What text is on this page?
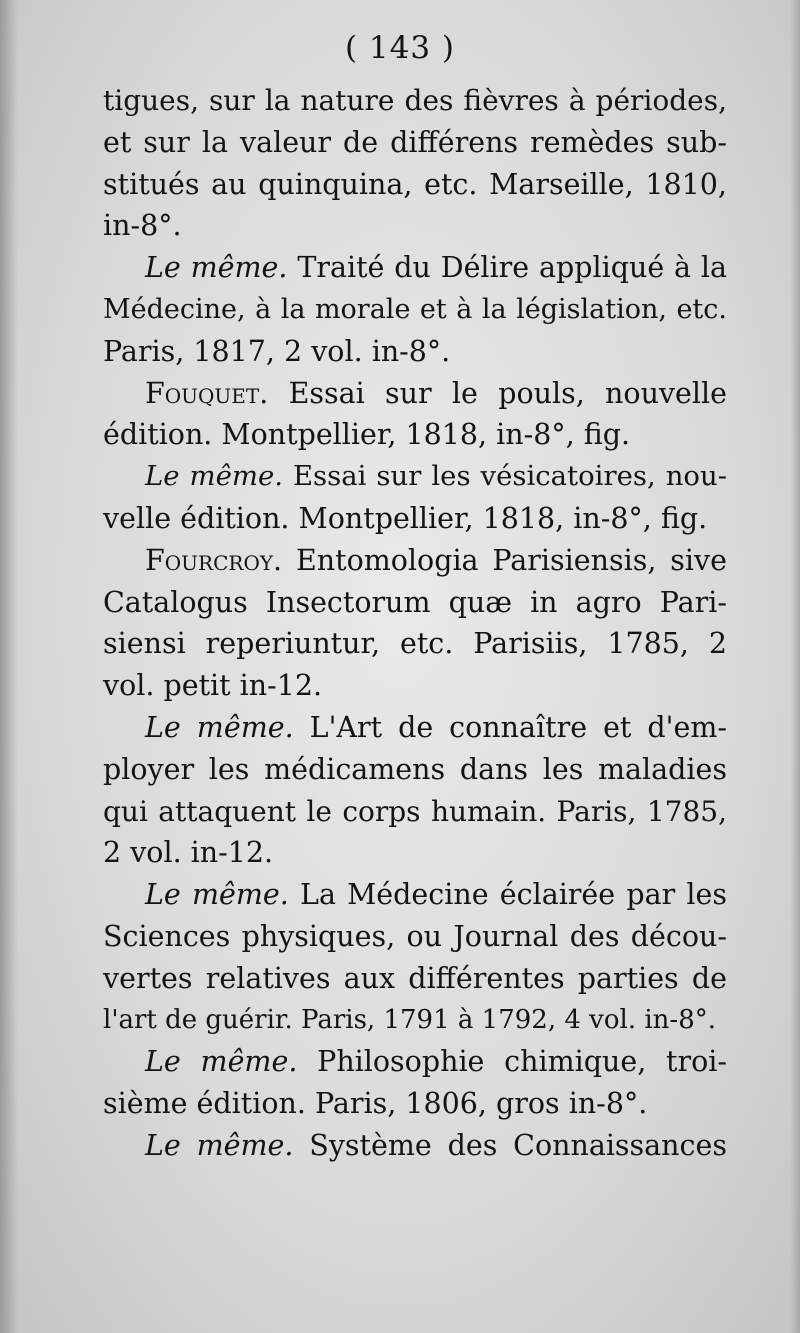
( 143 )
tigues, sur la nature des fièvres à périodes,
et sur la valeur de différens remèdes sub-
stitués au quinquina, etc. Marseille, 1810,
in-8°.
Le même. Traité du Délire appliqué à la
Médecine, à la morale et à la législation, etc.
Paris, 1817, 2 vol. in-8°.
Fouquet. Essai sur le pouls, nouvelle
édition. Montpellier, 1818, in-8°, fig.
Le même. Essai sur les vésicatoires, nou-
velle édition. Montpellier, 1818, in-8°, fig.
Fourcroy. Entomologia Parisiensis, sive
Catalogus Insectorum quæ in agro Pari-
siensi reperiuntur, etc. Parisiis, 1785, 2
vol. petit in-12.
Le même. L'Art de connaître et d'em-
ployer les médicamens dans les maladies
qui attaquent le corps humain. Paris, 1785,
2 vol. in-12.
Le même. La Médecine éclairée par les
Sciences physiques, ou Journal des décou-
vertes relatives aux différentes parties de
l'art de guérir. Paris, 1791 à 1792, 4 vol. in-8°.
Le même. Philosophie chimique, troi-
sième édition. Paris, 1806, gros in-8°.
Le même. Système des Connaissances
